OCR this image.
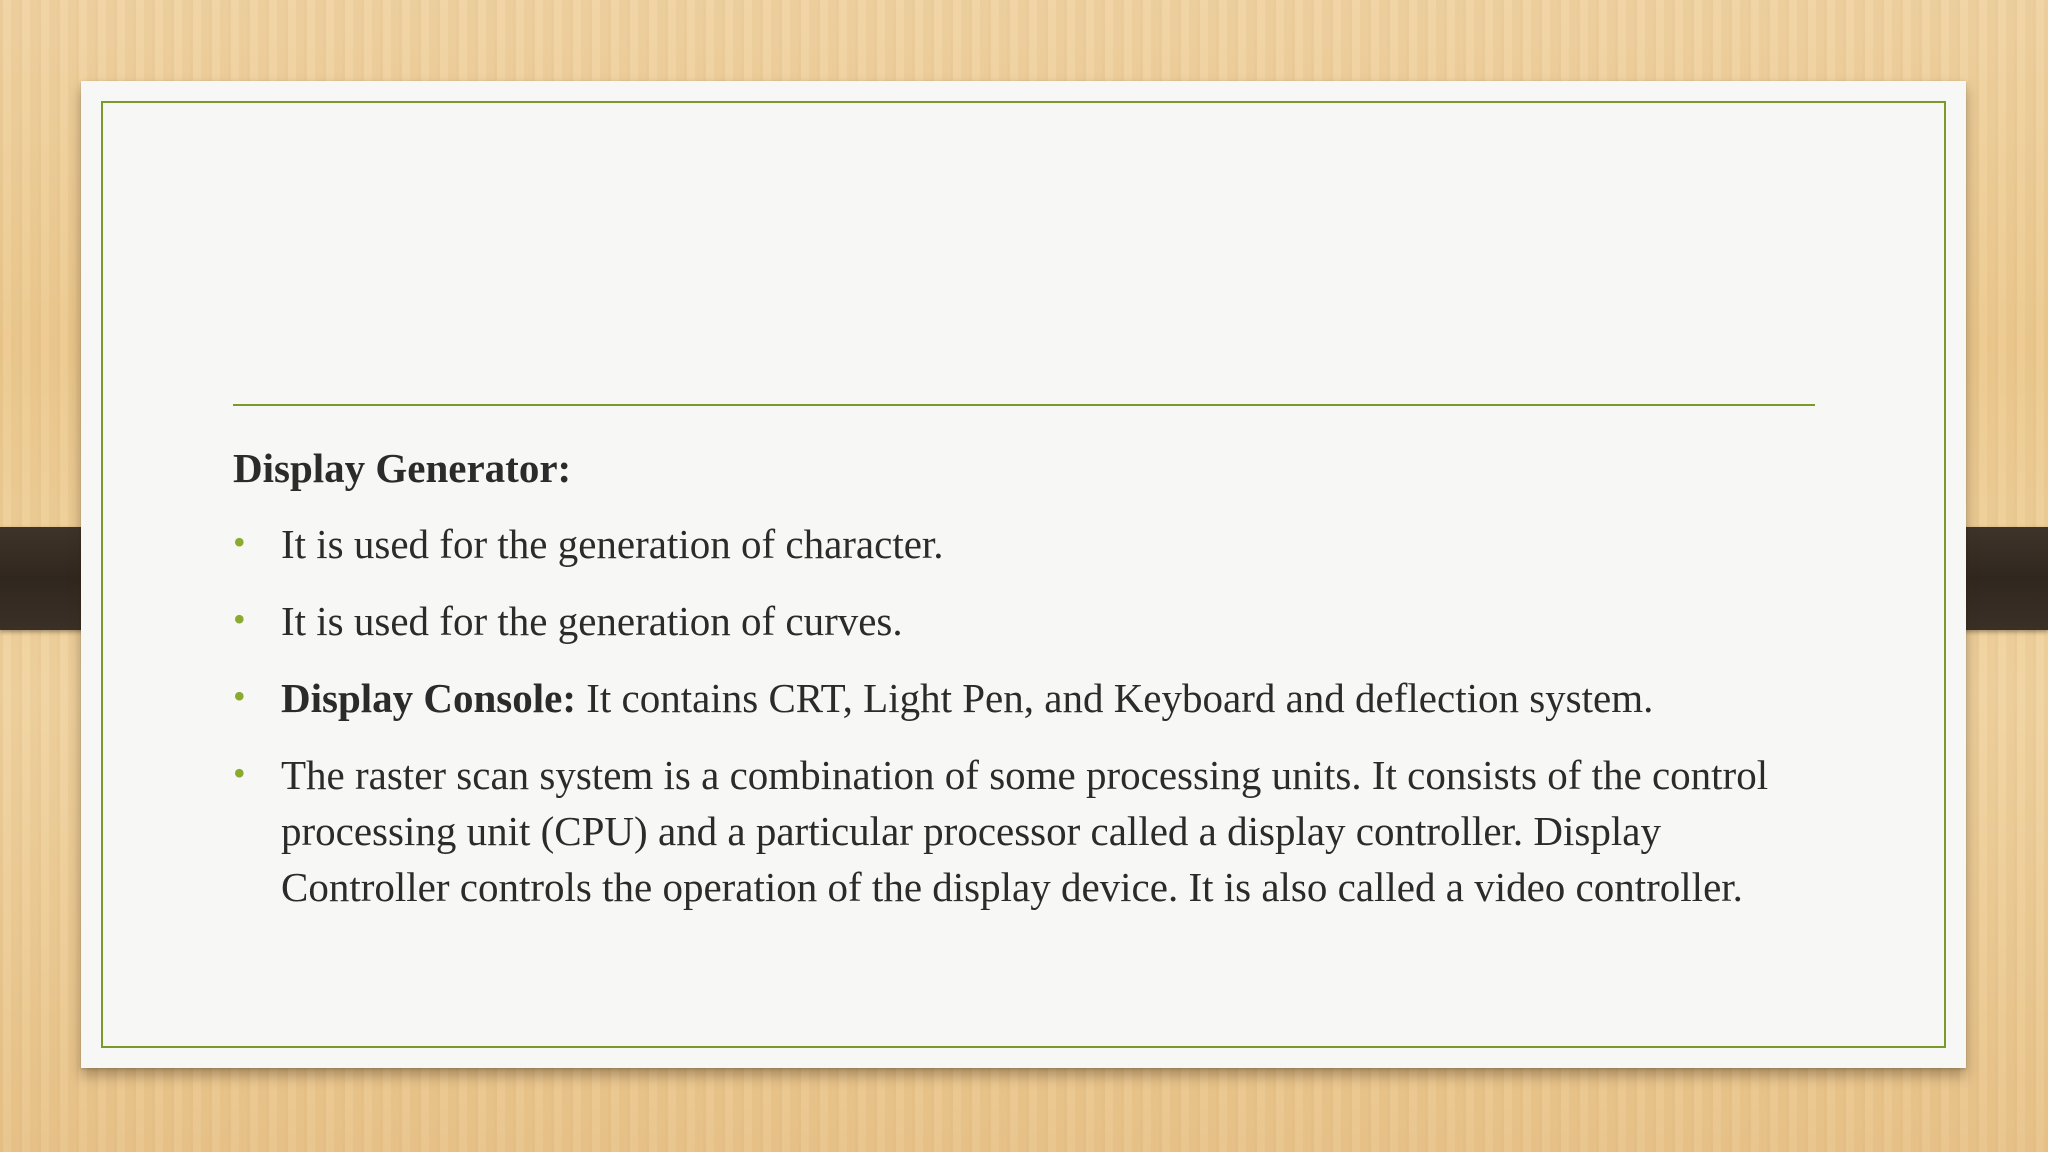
Display Generator:
• It is used for the generation of character.
• It is used for the generation of curves.
• Display Console: It contains CRT, Light Pen, and Keyboard and deflection system.
• The raster scan system is a combination of some processing units. It consists of the control processing unit (CPU) and a particular processor called a display controller. Display Controller controls the operation of the display device. It is also called a video controller.
